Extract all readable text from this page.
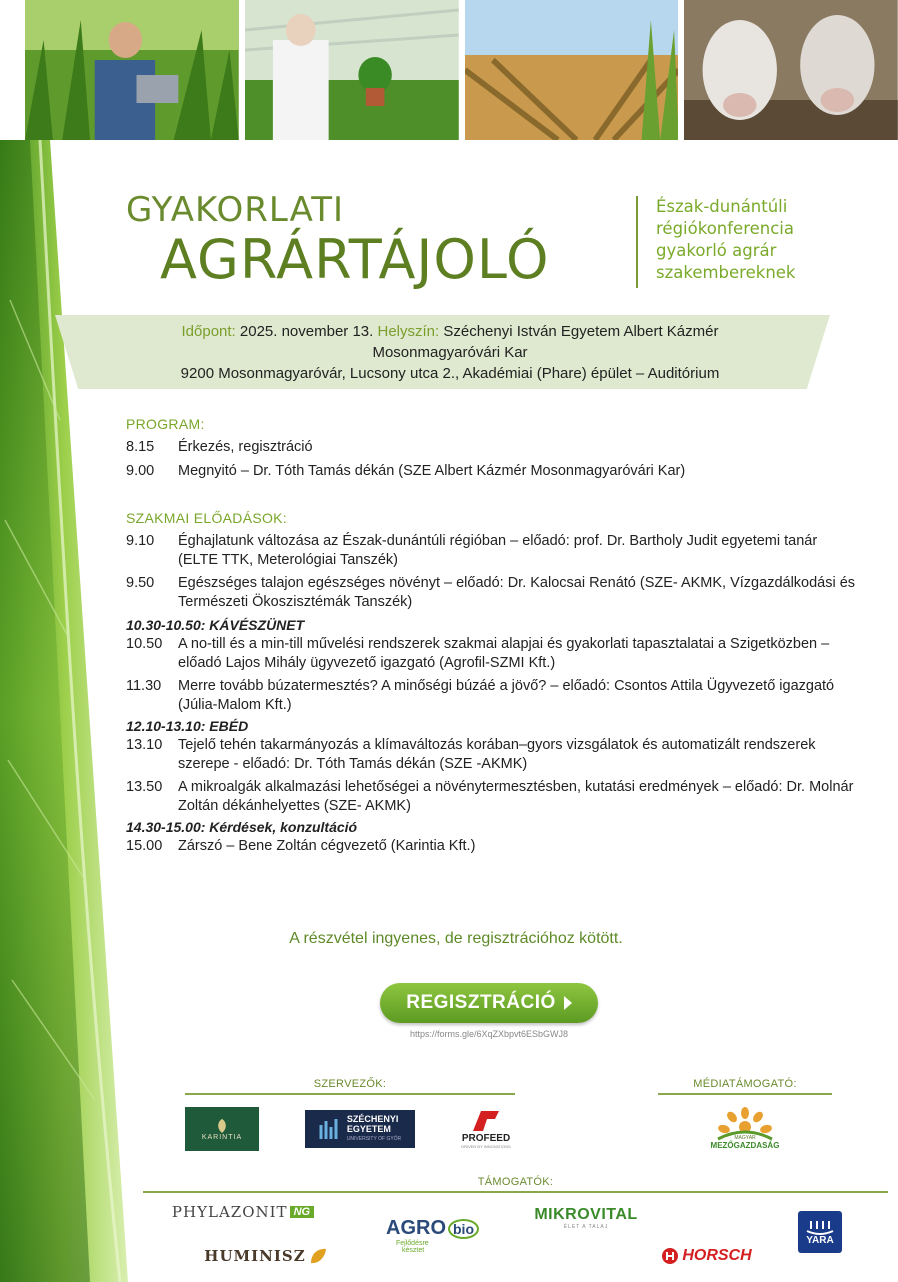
GYAKORLATI
AGRÁRTÁJOLÓ
Észak-dunántúli
régiókonferencia
gyakorló agrár
szakembereknek
Időpont: 2025. november 13. Helyszín: Széchenyi István Egyetem Albert Kázmér
Mosonmagyaróvári Kar
9200 Mosonmagyaróvár, Lucsony utca 2., Akadémiai (Phare) épület – Auditórium
PROGRAM:
8.15	Érkezés, regisztráció
9.00	Megnyitó – Dr. Tóth Tamás dékán (SZE Albert Kázmér Mosonmagyaróvári Kar)
SZAKMAI ELŐADÁSOK:
9.10	Éghajlatunk változása az Észak-dunántúli régióban – előadó: prof. Dr. Bartholy Judit egyetemi tanár (ELTE TTK, Meterológiai Tanszék)
9.50	Egészséges talajon egészséges növényt – előadó: Dr. Kalocsai Renátó (SZE- AKMK, Vízgazdálkodási és Természeti Ökoszisztémák Tanszék)
10.30-10.50: KÁVÉSZÜNET
10.50	A no-till és a min-till művelési rendszerek szakmai alapjai és gyakorlati tapasztalatai a Szigetközben – előadó Lajos Mihály ügyvezető igazgató (Agrofil-SZMI Kft.)
11.30	Merre tovább búzatermesztés? A minőségi búzáé a jövő? – előadó: Csontos Attila Ügyvezető igazgató (Júlia-Malom Kft.)
12.10-13.10: EBÉD
13.10	Tejelő tehén takarmányozás a klímaváltozás korában–gyors vizsgálatok és automatizált rendszerek szerepe - előadó: Dr. Tóth Tamás dékán (SZE -AKMK)
13.50	A mikroalgák alkalmazási lehetőségei a növénytermesztésben, kutatási eredmények – előadó: Dr. Molnár Zoltán dékánhelyettes (SZE- AKMK)
14.30-15.00: Kérdések, konzultáció
15.00	Zárszó – Bene Zoltán cégvezető (Karintia Kft.)
A részvétel ingyenes, de regisztrációhoz kötött.
REGISZTRÁCIÓ
https://forms.gle/6XqZXbpvt6ESbGWJ8
SZERVEZŐK:	MÉDIATÁMOGATÓ:
KARINTIA
SZÉCHENYI
EGYETEM
UNIVERSITY OF GYŐR	PROFEED
DRIVEN BY INNOVATIONS
MAGYAR
MEZŐGAZDASÁG
TÁMOGATÓK:
PHYLAZONIT NG
AGRO bio
Fejlődésre
késztet
MIKROVITAL
ÉLET A TALAJ
YARA
HUMINISZ	HORSCH
